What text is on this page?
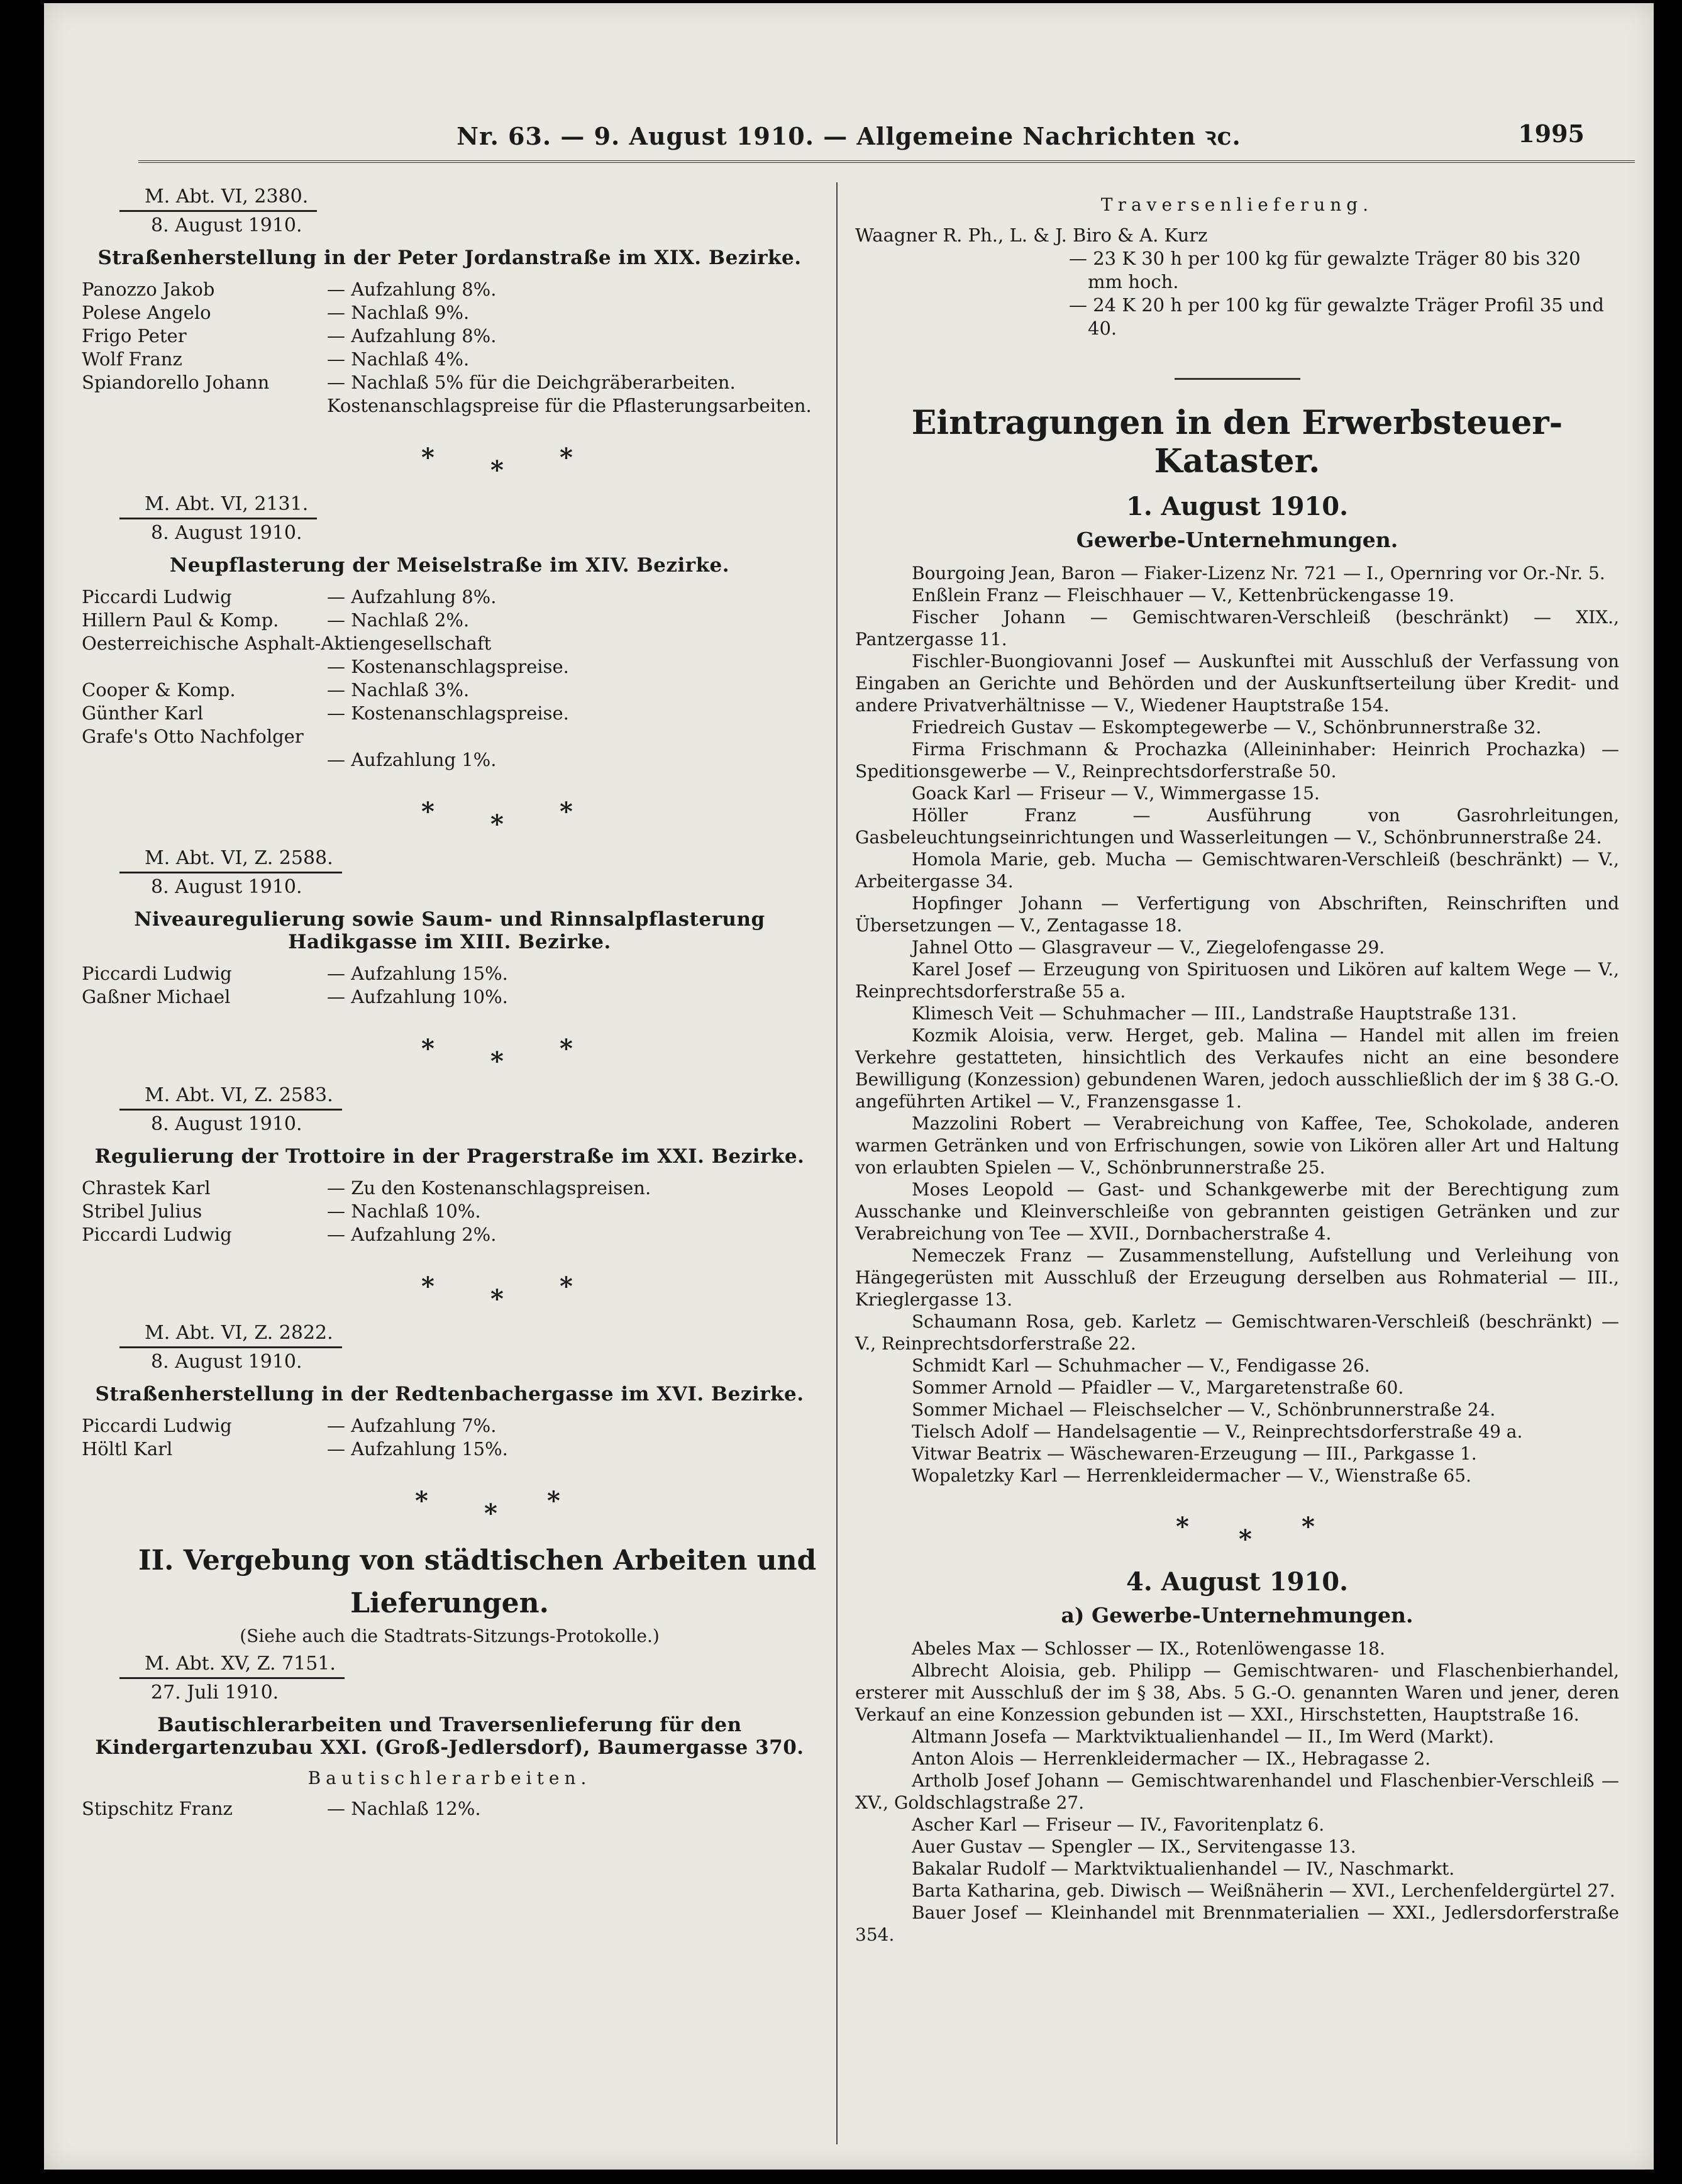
Nr. 63. — 9. August 1910. — Allgemeine Nachrichten ꝛc.	1995
M. Abt. VI, 2380.
8. August 1910.
Straßenherstellung in der Peter Jordanstraße im XIX. Bezirke.
Panozzo Jakob	— Aufzahlung 8%.
Polese Angelo	— Nachlaß 9%.
Frigo Peter	— Aufzahlung 8%.
Wolf Franz	— Nachlaß 4%.
Spiandorello Johann	— Nachlaß 5% für die Deichgräberarbeiten.
Kostenanschlagspreise für die Pflasterungsarbeiten.
* * *
M. Abt. VI, 2131.
8. August 1910.
Neupflasterung der Meiselstraße im XIV. Bezirke.
Piccardi Ludwig	— Aufzahlung 8%.
Hillern Paul & Komp.	— Nachlaß 2%.
Oesterreichische Asphalt-Aktiengesellschaft
— Kostenanschlagspreise.
Cooper & Komp.	— Nachlaß 3%.
Günther Karl	— Kostenanschlagspreise.
Grafe's Otto Nachfolger
— Aufzahlung 1%.
* * *
M. Abt. VI, Z. 2588.
8. August 1910.
Niveauregulierung sowie Saum- und Rinnsalpflasterung Hadikgasse im XIII. Bezirke.
Piccardi Ludwig	— Aufzahlung 15%.
Gaßner Michael	— Aufzahlung 10%.
* * *
M. Abt. VI, Z. 2583.
8. August 1910.
Regulierung der Trottoire in der Pragerstraße im XXI. Bezirke.
Chrastek Karl	— Zu den Kostenanschlagspreisen.
Stribel Julius	— Nachlaß 10%.
Piccardi Ludwig	— Aufzahlung 2%.
* * *
M. Abt. VI, Z. 2822.
8. August 1910.
Straßenherstellung in der Redtenbachergasse im XVI. Bezirke.
Piccardi Ludwig	— Aufzahlung 7%.
Höltl Karl	— Aufzahlung 15%.
* * *
II. Vergebung von städtischen Arbeiten und
Lieferungen.
(Siehe auch die Stadtrats-Sitzungs-Protokolle.)
M. Abt. XV, Z. 7151.
27. Juli 1910.
Bautischlerarbeiten und Traversenlieferung für den Kindergartenzubau XXI. (Groß-Jedlersdorf), Baumergasse 370.
Bautischlerarbeiten.
Stipschitz Franz	— Nachlaß 12%.
Traversenlieferung.
Waagner R. Ph., L. & J. Biro & A. Kurz
— 23 K 30 h per 100 kg für gewalzte Träger 80 bis 320 mm hoch.
— 24 K 20 h per 100 kg für gewalzte Träger Profil 35 und 40.
Eintragungen in den Erwerbsteuer-Kataster.
1. August 1910.
Gewerbe-Unternehmungen.
Bourgoing Jean, Baron — Fiaker-Lizenz Nr. 721 — I., Opernring vor Or.-Nr. 5.
Enßlein Franz — Fleischhauer — V., Kettenbrückengasse 19.
Fischer Johann — Gemischtwaren-Verschleiß (beschränkt) — XIX., Pantzergasse 11.
Fischler-Buongiovanni Josef — Auskunftei mit Ausschluß der Verfassung von Eingaben an Gerichte und Behörden und der Auskunftserteilung über Kredit- und andere Privatverhältnisse — V., Wiedener Hauptstraße 154.
Friedreich Gustav — Eskomptegewerbe — V., Schönbrunnerstraße 32.
Firma Frischmann & Prochazka (Alleininhaber: Heinrich Prochazka) — Speditionsgewerbe — V., Reinprechtsdorferstraße 50.
Goack Karl — Friseur — V., Wimmergasse 15.
Höller Franz — Ausführung von Gasrohrleitungen, Gasbeleuchtungseinrichtungen und Wasserleitungen — V., Schönbrunnerstraße 24.
Homola Marie, geb. Mucha — Gemischtwaren-Verschleiß (beschränkt) — V., Arbeitergasse 34.
Hopfinger Johann — Verfertigung von Abschriften, Reinschriften und Übersetzungen — V., Zentagasse 18.
Jahnel Otto — Glasgraveur — V., Ziegelofengasse 29.
Karel Josef — Erzeugung von Spirituosen und Likören auf kaltem Wege — V., Reinprechtsdorferstraße 55 a.
Klimesch Veit — Schuhmacher — III., Landstraße Hauptstraße 131.
Kozmik Aloisia, verw. Herget, geb. Malina — Handel mit allen im freien Verkehre gestatteten, hinsichtlich des Verkaufes nicht an eine besondere Bewilligung (Konzession) gebundenen Waren, jedoch ausschließlich der im § 38 G.-O. angeführten Artikel — V., Franzensgasse 1.
Mazzolini Robert — Verabreichung von Kaffee, Tee, Schokolade, anderen warmen Getränken und von Erfrischungen, sowie von Likören aller Art und Haltung von erlaubten Spielen — V., Schönbrunnerstraße 25.
Moses Leopold — Gast- und Schankgewerbe mit der Berechtigung zum Ausschanke und Kleinverschleiße von gebrannten geistigen Getränken und zur Verabreichung von Tee — XVII., Dornbacherstraße 4.
Nemeczek Franz — Zusammenstellung, Aufstellung und Verleihung von Hängegerüsten mit Ausschluß der Erzeugung derselben aus Rohmaterial — III., Krieglergasse 13.
Schaumann Rosa, geb. Karletz — Gemischtwaren-Verschleiß (beschränkt) — V., Reinprechtsdorferstraße 22.
Schmidt Karl — Schuhmacher — V., Fendigasse 26.
Sommer Arnold — Pfaidler — V., Margaretenstraße 60.
Sommer Michael — Fleischselcher — V., Schönbrunnerstraße 24.
Tielsch Adolf — Handelsagentie — V., Reinprechtsdorferstraße 49 a.
Vitwar Beatrix — Wäschewaren-Erzeugung — III., Parkgasse 1.
Wopaletzky Karl — Herrenkleidermacher — V., Wienstraße 65.
* * *
4. August 1910.
a) Gewerbe-Unternehmungen.
Abeles Max — Schlosser — IX., Rotenlöwengasse 18.
Albrecht Aloisia, geb. Philipp — Gemischtwaren- und Flaschenbierhandel, ersterer mit Ausschluß der im § 38, Abs. 5 G.-O. genannten Waren und jener, deren Verkauf an eine Konzession gebunden ist — XXI., Hirschstetten, Hauptstraße 16.
Altmann Josefa — Marktviktualienhandel — II., Im Werd (Markt).
Anton Alois — Herrenkleidermacher — IX., Hebragasse 2.
Artholb Josef Johann — Gemischtwarenhandel und Flaschenbier-Verschleiß — XV., Goldschlagstraße 27.
Ascher Karl — Friseur — IV., Favoritenplatz 6.
Auer Gustav — Spengler — IX., Servitengasse 13.
Bakalar Rudolf — Marktviktualienhandel — IV., Naschmarkt.
Barta Katharina, geb. Diwisch — Weißnäherin — XVI., Lerchenfeldergürtel 27.
Bauer Josef — Kleinhandel mit Brennmaterialien — XXI., Jedlersdorferstraße 354.
